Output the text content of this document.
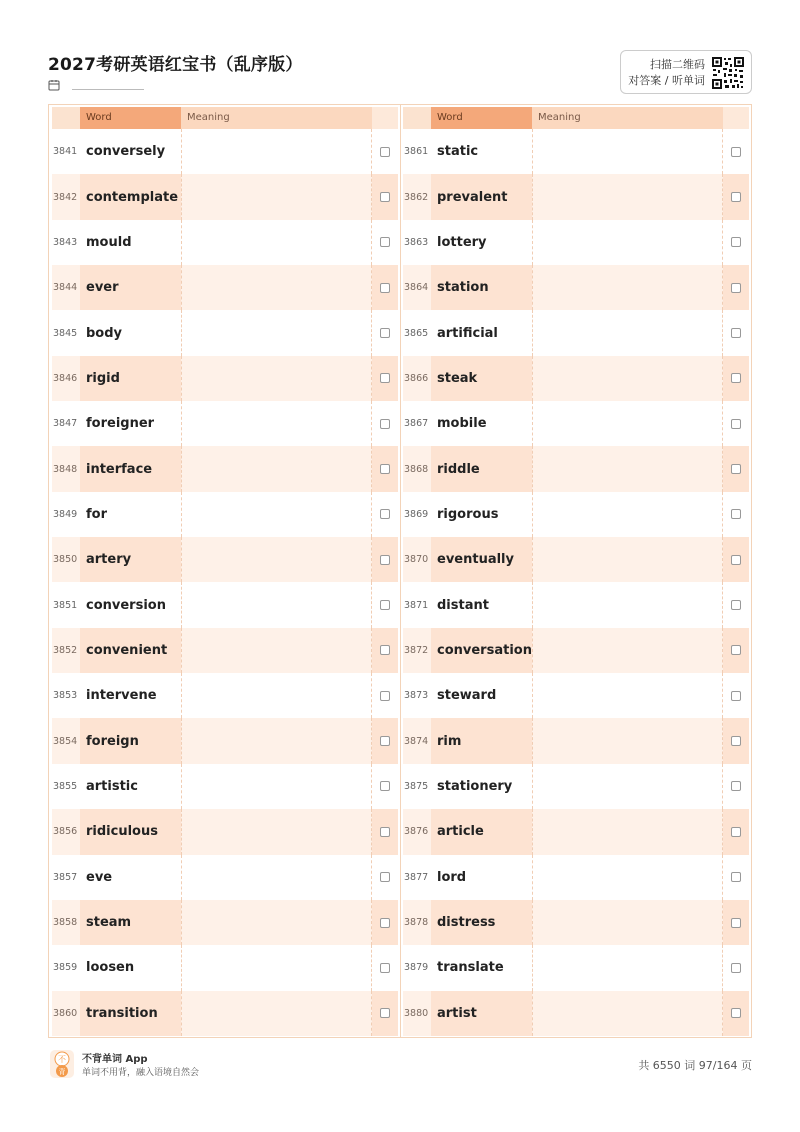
2027考研英语红宝书（乱序版）	扫描二维码
对答案 / 听单词
Word	Meaning
3841 conversely
3842 contemplate
3843 mould
3844 ever
3845 body
3846 rigid
3847 foreigner
3848 interface
3849 for
3850 artery
3851 conversion
3852 convenient
3853 intervene
3854 foreign
3855 artistic
3856 ridiculous
3857 eve
3858 steam
3859 loosen
3860 transition
Word	Meaning
3861 static
3862 prevalent
3863 lottery
3864 station
3865 artificial
3866 steak
3867 mobile
3868 riddle
3869 rigorous
3870 eventually
3871 distant
3872 conversation
3873 steward
3874 rim
3875 stationery
3876 article
3877 lord
3878 distress
3879 translate
3880 artist
不
背
不背单词 App
单词不用背，融入语境自然会
共 6550 词 97/164 页
